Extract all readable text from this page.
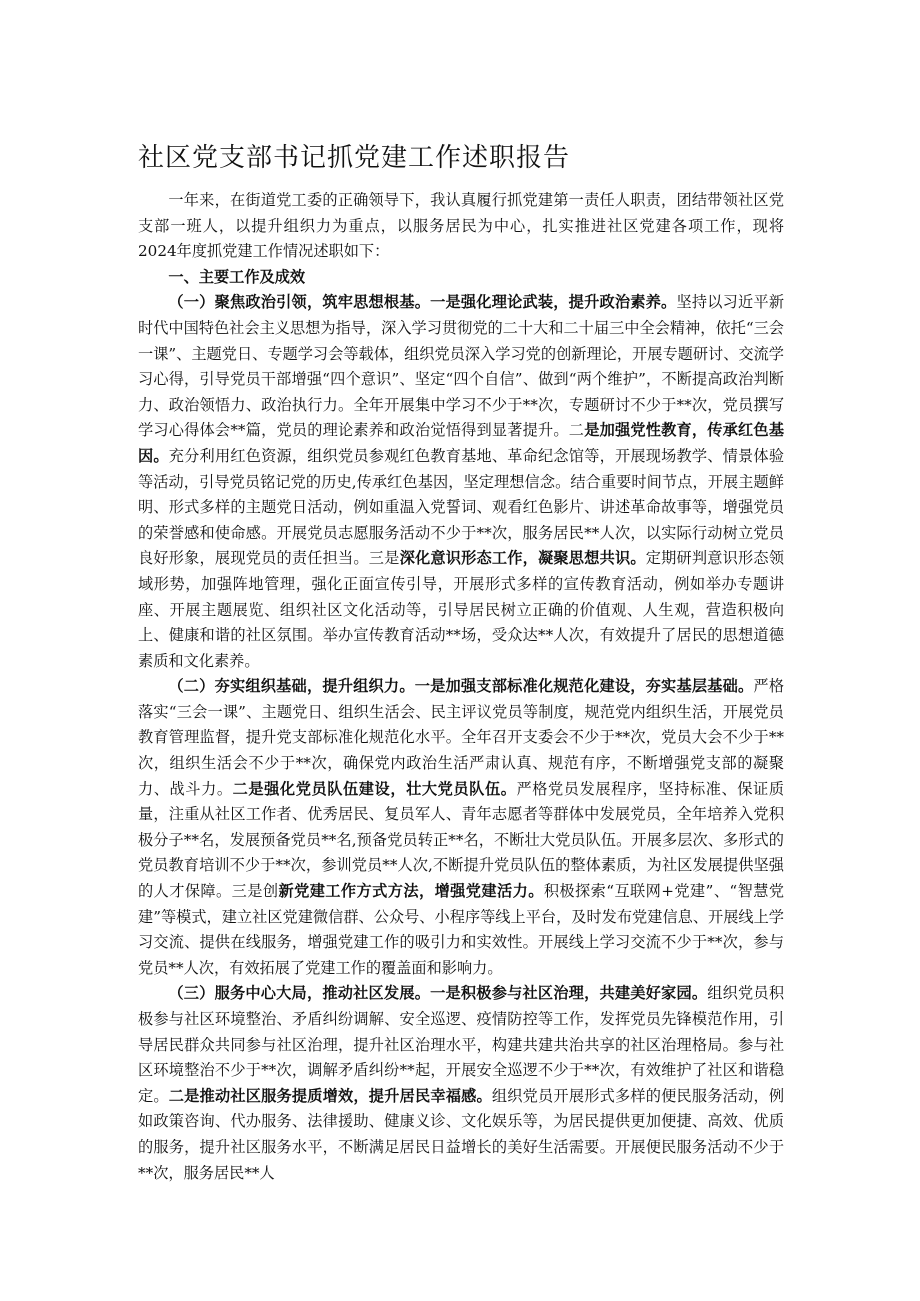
社区党支部书记抓党建工作述职报告

一年来，在街道党工委的正确领导下，我认真履行抓党建第一责任人职责，团结带领社区党支部一班人，以提升组织力为重点，以服务居民为中心，扎实推进社区党建各项工作，现将2024年度抓党建工作情况述职如下：

一、主要工作及成效

（一）聚焦政治引领，筑牢思想根基。一是强化理论武装，提升政治素养。坚持以习近平新时代中国特色社会主义思想为指导，深入学习贯彻党的二十大和二十届三中全会精神，依托“三会一课”、主题党日、专题学习会等载体，组织党员深入学习党的创新理论，开展专题研讨、交流学习心得，引导党员干部增强“四个意识”、坚定“四个自信”、做到“两个维护”，不断提高政治判断力、政治领悟力、政治执行力。全年开展集中学习不少于**次，专题研讨不少于**次，党员撰写学习心得体会**篇，党员的理论素养和政治觉悟得到显著提升。二是加强党性教育，传承红色基因。充分利用红色资源，组织党员参观红色教育基地、革命纪念馆等，开展现场教学、情景体验等活动，引导党员铭记党的历史,传承红色基因，坚定理想信念。结合重要时间节点，开展主题鲜明、形式多样的主题党日活动，例如重温入党誓词、观看红色影片、讲述革命故事等，增强党员的荣誉感和使命感。开展党员志愿服务活动不少于**次，服务居民**人次，以实际行动树立党员良好形象，展现党员的责任担当。三是深化意识形态工作，凝聚思想共识。定期研判意识形态领域形势，加强阵地管理，强化正面宣传引导，开展形式多样的宣传教育活动，例如举办专题讲座、开展主题展览、组织社区文化活动等，引导居民树立正确的价值观、人生观，营造积极向上、健康和谐的社区氛围。举办宣传教育活动**场，受众达**人次，有效提升了居民的思想道德素质和文化素养。

（二）夯实组织基础，提升组织力。一是加强支部标准化规范化建设，夯实基层基础。严格落实“三会一课”、主题党日、组织生活会、民主评议党员等制度，规范党内组织生活，开展党员教育管理监督，提升党支部标准化规范化水平。全年召开支委会不少于**次，党员大会不少于**次，组织生活会不少于**次，确保党内政治生活严肃认真、规范有序，不断增强党支部的凝聚力、战斗力。二是强化党员队伍建设，壮大党员队伍。严格党员发展程序，坚持标准、保证质量，注重从社区工作者、优秀居民、复员军人、青年志愿者等群体中发展党员，全年培养入党积极分子**名，发展预备党员**名,预备党员转正**名，不断壮大党员队伍。开展多层次、多形式的党员教育培训不少于**次，参训党员**人次,不断提升党员队伍的整体素质，为社区发展提供坚强的人才保障。三是创新党建工作方式方法，增强党建活力。积极探索“互联网+党建”、“智慧党建”等模式，建立社区党建微信群、公众号、小程序等线上平台，及时发布党建信息、开展线上学习交流、提供在线服务，增强党建工作的吸引力和实效性。开展线上学习交流不少于**次，参与党员**人次，有效拓展了党建工作的覆盖面和影响力。

（三）服务中心大局，推动社区发展。一是积极参与社区治理，共建美好家园。组织党员积极参与社区环境整治、矛盾纠纷调解、安全巡逻、疫情防控等工作，发挥党员先锋模范作用，引导居民群众共同参与社区治理，提升社区治理水平，构建共建共治共享的社区治理格局。参与社区环境整治不少于**次，调解矛盾纠纷**起，开展安全巡逻不少于**次，有效维护了社区和谐稳定。二是推动社区服务提质增效，提升居民幸福感。组织党员开展形式多样的便民服务活动，例如政策咨询、代办服务、法律援助、健康义诊、文化娱乐等，为居民提供更加便捷、高效、优质的服务，提升社区服务水平，不断满足居民日益增长的美好生活需要。开展便民服务活动不少于**次，服务居民**人
